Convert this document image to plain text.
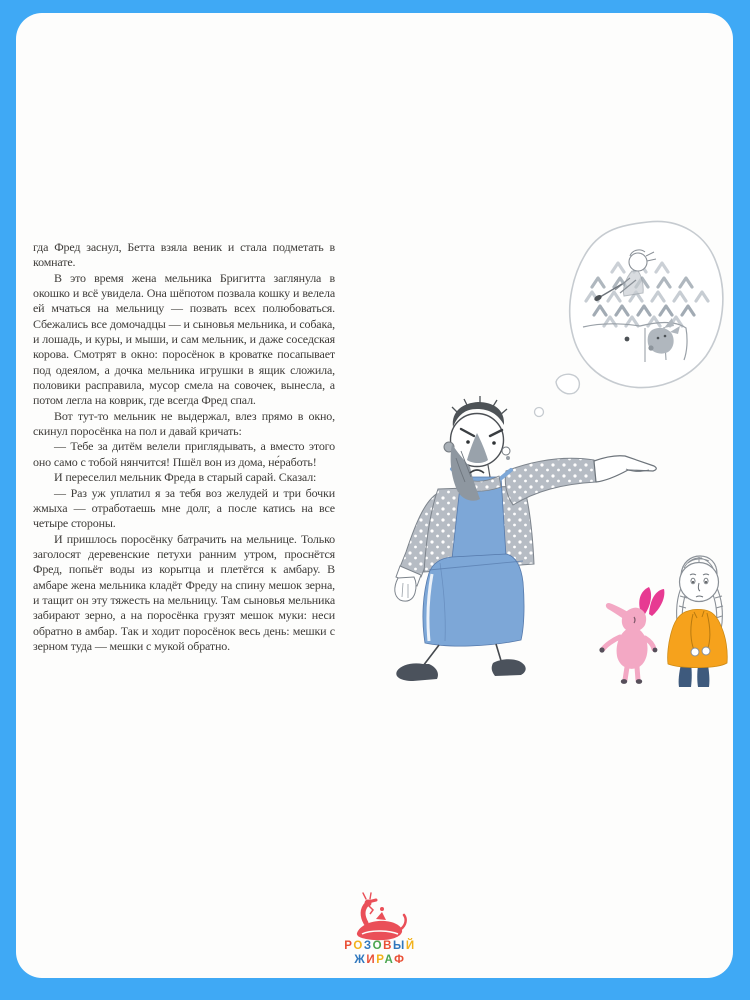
гда Фред заснул, Бетта взяла веник и стала подметать в комнате.

В это время жена мельника Бригитта заглянула в окошко и всё увидела. Она шёпотом позвала кошку и велела ей мчаться на мельницу — позвать всех полюбоваться. Сбежались все домочадцы — и сыновья мельника, и собака, и лошадь, и куры, и мыши, и сам мельник, и даже соседская корова. Смотрят в окно: поросёнок в кроватке посапывает под одеялом, а дочка мельника игрушки в ящик сложила, половики расправила, мусор смела на совочек, вынесла, а потом легла на коврик, где всегда Фред спал.

Вот тут-то мельник не выдержал, влез прямо в окно, скинул поросёнка на пол и давай кричать:

— Тебе за дитём велели приглядывать, а вместо этого оно само с тобой нянчится! Пшёл вон из дома, не́работь!

И переселил мельник Фреда в старый сарай. Сказал:

— Раз уж уплатил я за тебя воз желудей и три бочки жмыха — отработаешь мне долг, а после катись на все четыре стороны.

И пришлось поросёнку батрачить на мельнице. Только заголосят деревенские петухи ранним утром, проснётся Фред, попьёт воды из корытца и плетётся к амбару. В амбаре жена мельника кладёт Фреду на спину мешок зерна, и тащит он эту тяжесть на мельницу. Там сыновья мельника забирают зерно, а на поросёнка грузят мешок муки: неси обратно в амбар. Так и ходит поросёнок весь день: мешки с зерном туда — мешки с мукой обратно.

РОЗОВЫЙ
ЖИРАФ
